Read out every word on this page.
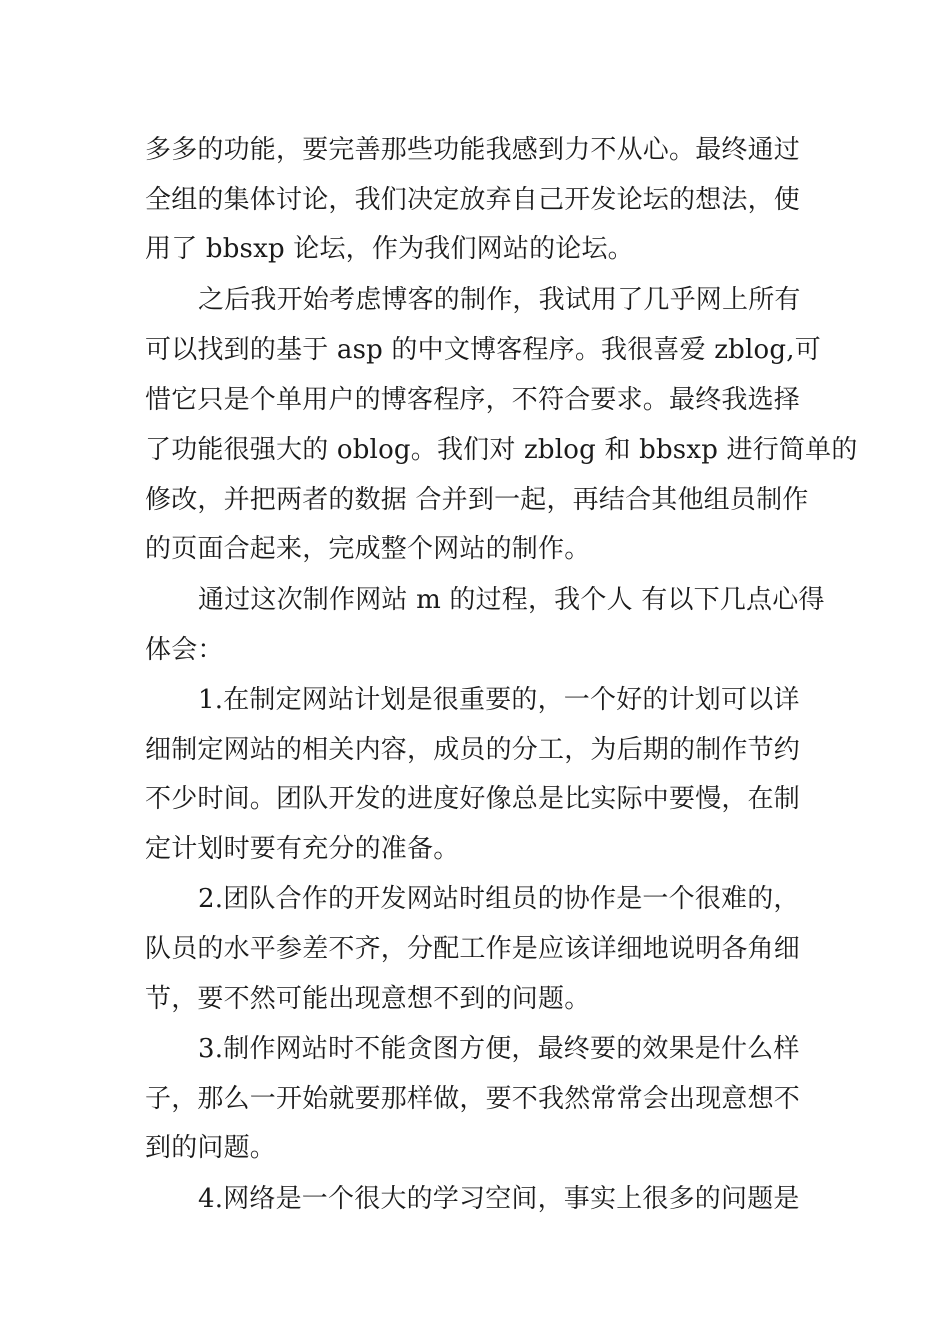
多多的功能，要完善那些功能我感到力不从心。最终通过
全组的集体讨论，我们决定放弃自己开发论坛的想法，使
用了 bbsxp 论坛，作为我们网站的论坛。
之后我开始考虑博客的制作，我试用了几乎网上所有
可以找到的基于 asp 的中文博客程序。我很喜爱 zblog,可
惜它只是个单用户的博客程序，不符合要求。最终我选择
了功能很强大的 oblog。我们对 zblog 和 bbsxp 进行简单的
修改，并把两者的数据 合并到一起，再结合其他组员制作
的页面合起来，完成整个网站的制作。
通过这次制作网站 m 的过程，我个人 有以下几点心得
体会：
1.在制定网站计划是很重要的，一个好的计划可以详
细制定网站的相关内容，成员的分工，为后期的制作节约
不少时间。团队开发的进度好像总是比实际中要慢，在制
定计划时要有充分的准备。
2.团队合作的开发网站时组员的协作是一个很难的，
队员的水平参差不齐，分配工作是应该详细地说明各角细
节，要不然可能出现意想不到的问题。
3.制作网站时不能贪图方便，最终要的效果是什么样
子，那么一开始就要那样做，要不我然常常会出现意想不
到的问题。
4.网络是一个很大的学习空间，事实上很多的问题是
